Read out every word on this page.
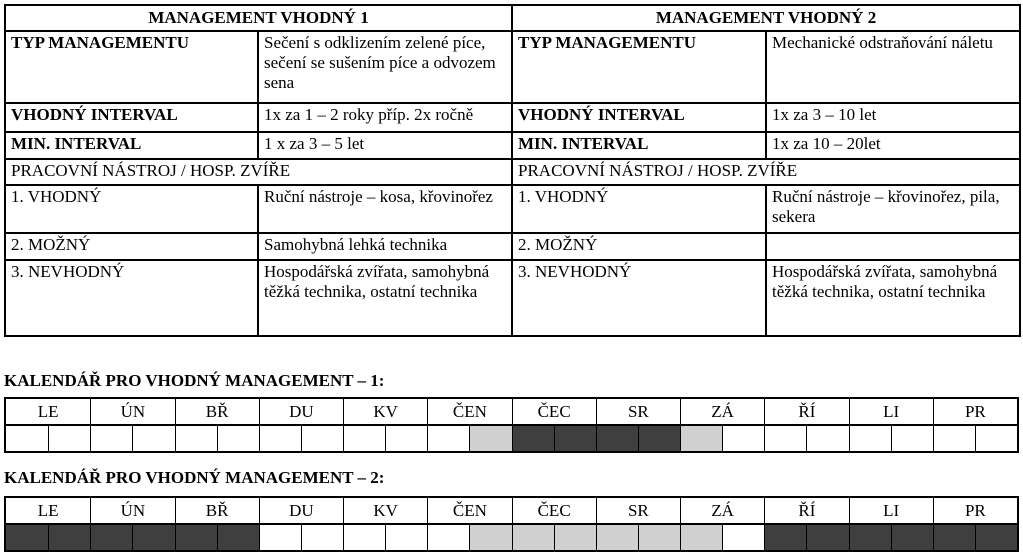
MANAGEMENT VHODNÝ 1		MANAGEMENT VHODNÝ 2	
TYP MANAGEMENTU	Sečení s odklizením zelené píce, sečení se sušením píce a odvozem sena	TYP MANAGEMENTU	Mechanické odstraňování náletu
VHODNÝ INTERVAL	1x za 1 – 2 roky příp. 2x ročně	VHODNÝ INTERVAL	1x za 3 – 10 let
MIN. INTERVAL	1 x za 3 – 5 let	MIN. INTERVAL	1x za 10 – 20let
PRACOVNÍ NÁSTROJ / HOSP. ZVÍŘE		PRACOVNÍ NÁSTROJ / HOSP. ZVÍŘE	
1. VHODNÝ	Ruční nástroje – kosa, křovinořez	1. VHODNÝ	Ruční nástroje – křovinořez, pila, sekera
2. MOŽNÝ	Samohybná lehká technika	2. MOŽNÝ	
3. NEVHODNÝ	Hospodářská zvířata, samohybná těžká technika, ostatní technika	3. NEVHODNÝ	Hospodářská zvířata, samohybná těžká technika, ostatní technika
KALENDÁŘ PRO VHODNÝ MANAGEMENT – 1:
LE	ÚN	BŘ	DU	KV	ČEN	ČEC	SR	ZÁ	ŘÍ	LI	PR
KALENDÁŘ PRO VHODNÝ MANAGEMENT – 2:
LE	ÚN	BŘ	DU	KV	ČEN	ČEC	SR	ZÁ	ŘÍ	LI	PR
